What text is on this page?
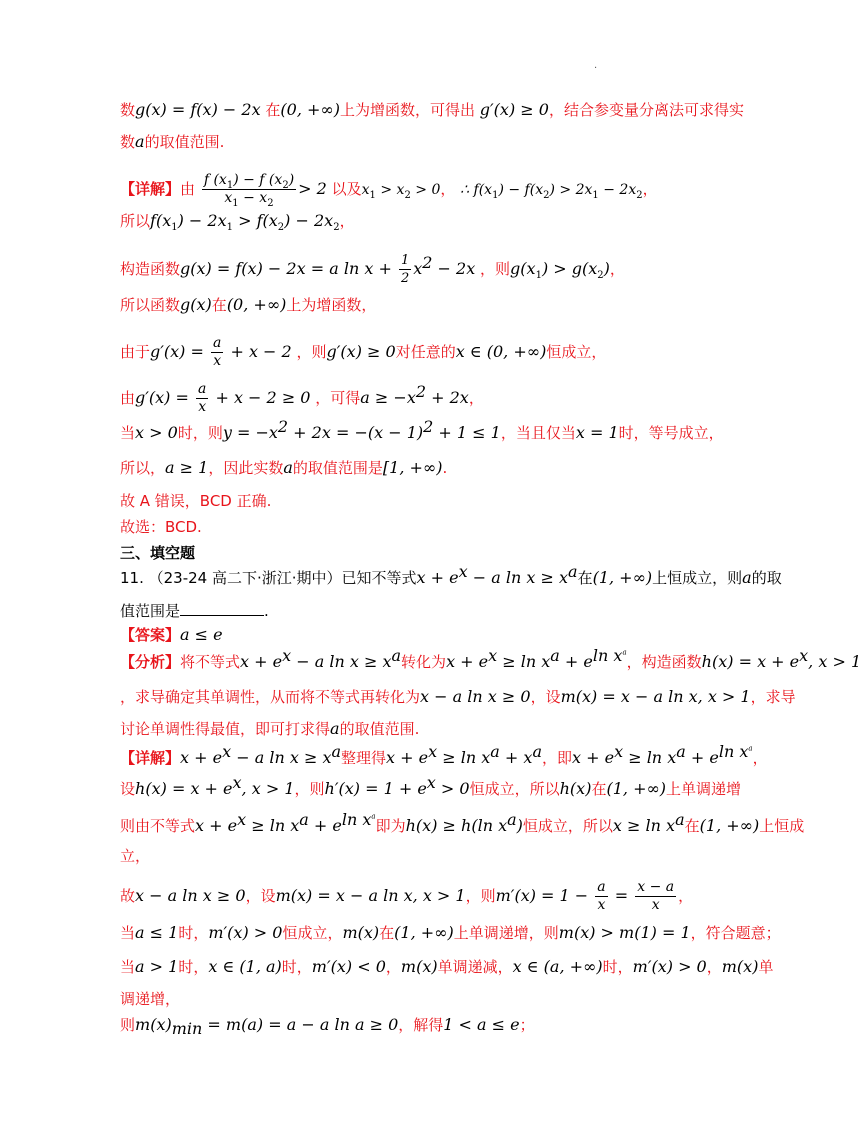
.
数g(x) = f(x) − 2x 在(0, +∞)上为增函数，可得出 g′(x) ≥ 0，结合参变量分离法可求得实
数a的取值范围.
【详解】由 $\frac{f (x_1) - f (x_2)}{x_1 - x_2} > 2$ 以及$x_1 > x_2 > 0$， ∴ $f(x_1) - f(x_2) > 2x_1 - 2x_2$，
所以$f(x_1) - 2x_1 > f(x_2) - 2x_2$，
构造函数g(x) = f(x) − 2x = a $\ln x + \frac{1}{2} x^2 - 2x$ ，则$g(x_1) > g(x_2)$，
所以函数g(x)在(0, +∞)上为增函数，
由于$g'(x) = \frac{a}{x} + x - 2$ ，则g′(x) ≥ 0对任意的x ∈ (0, +∞)恒成立，
由$g'(x) = \frac{a}{x} + x - 2 \ge 0$ ，可得$a \ge -x^2 + 2x$，
当x > 0时，则$y = -x^2 + 2x = -(x - 1)^2 + 1 \le 1$，当且仅当x = 1时，等号成立，
所以，a ≥ 1，因此实数a的取值范围是[1, +∞).
故 A 错误，BCD 正确.
故选：BCD.
三、填空题
11. （23-24 高二下·浙江·期中）已知不等式$x + e^x - a$ $\ln x \ge x^a$在(1, +∞)上恒成立，则a的取
值范围是	.
【答案】a ≤ e
【分析】将不等式$x + e^x - a$ $\ln x \ge x^a$转化为$x + e^x \ge \ln x^a + e^{ln x^a}$，构造函数$h(x) = x + e^x$, x > 1
，求导确定其单调性，从而将不等式再转化为x − a ln x ≥ 0，设m(x) = x − a ln x, x > 1，求导
讨论单调性得最值，即可打求得a的取值范围.
【详解】$x + e^x - a$ $\ln x \ge x^a$整理得$x + e^x \ge \ln x^a + x^a$，即$x + e^x \ge \ln x^a + e^{ln x^a}$，
设$h(x) = x + e^x$, x > 1，则$h'(x) = 1 + e^x > 0$恒成立，所以h(x)在(1, +∞)上单调递增
则由不等式$x + e^x \ge \ln x^a + e^{ln x^a}$即为h(x) ≥ h(ln $x^a$)恒成立，所以$x \ge \ln x^a$在(1, +∞)上恒成
立，
故x − a ln x ≥ 0，设m(x) = x − a ln x, x > 1，则$m'(x) = 1 - \frac{a}{x} = \frac{x - a}{x}$ ，
当a ≤ 1时，m′(x) > 0恒成立，m(x)在(1, +∞)上单调递增，则m(x) > m(1) = 1，符合题意；
当a > 1时，x ∈ (1, a)时，m′(x) < 0，m(x)单调递减，x ∈ (a, +∞)时，m′(x) > 0，m(x)单
调递增，
则$m(x)_{min} = m(a) = a - a$ ln a ≥ 0，解得1 < a ≤ e；
